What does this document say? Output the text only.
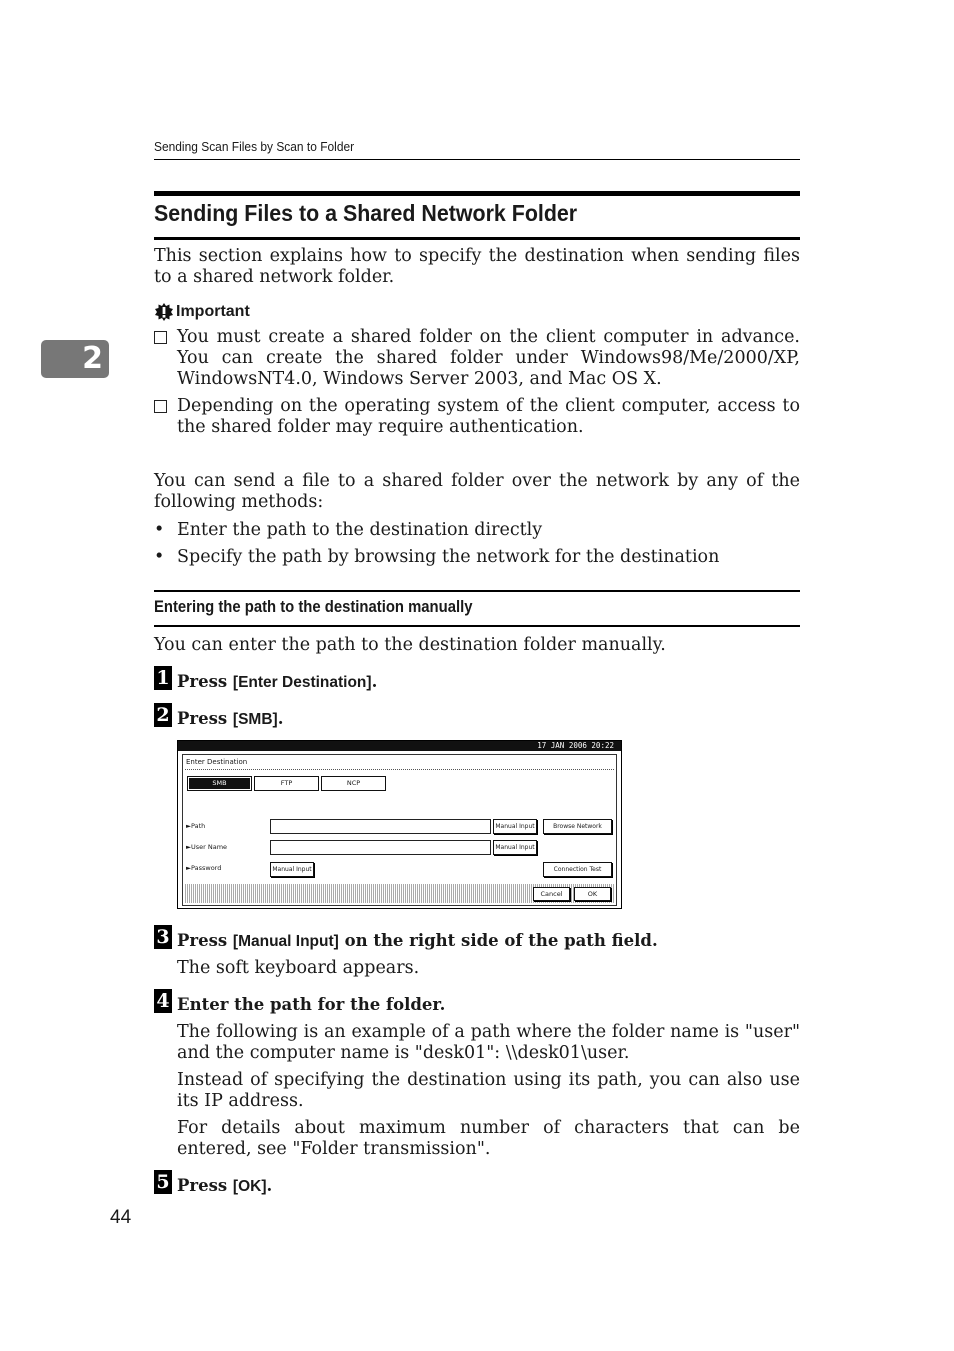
Sending Scan Files by Scan to Folder
2
Sending Files to a Shared Network Folder
This section explains how to specify the destination when sending files to a shared network folder.
Important
You must create a shared folder on the client computer in advance. You can create the shared folder under Windows98/Me/2000/XP, WindowsNT4.0, Windows Server 2003, and Mac OS X.
Depending on the operating system of the client computer, access to the shared folder may require authentication.
You can send a file to a shared folder over the network by any of the following methods:
• Enter the path to the destination directly
• Specify the path by browsing the network for the destination
Entering the path to the destination manually
You can enter the path to the destination folder manually.
1 Press [Enter Destination].
2 Press [SMB].
17 JAN 2006 20:22
Enter Destination
SMB	FTP	NCP
►Path	Manual Input	Browse Network
►User Name	Manual Input
►Password	Manual Input	Connection Test
Cancel	OK
3 Press [Manual Input] on the right side of the path field.
The soft keyboard appears.
4 Enter the path for the folder.
The following is an example of a path where the folder name is "user" and the computer name is "desk01": \\desk01\user.
Instead of specifying the destination using its path, you can also use its IP address.
For details about maximum number of characters that can be entered, see "Folder transmission".
5 Press [OK].
44
